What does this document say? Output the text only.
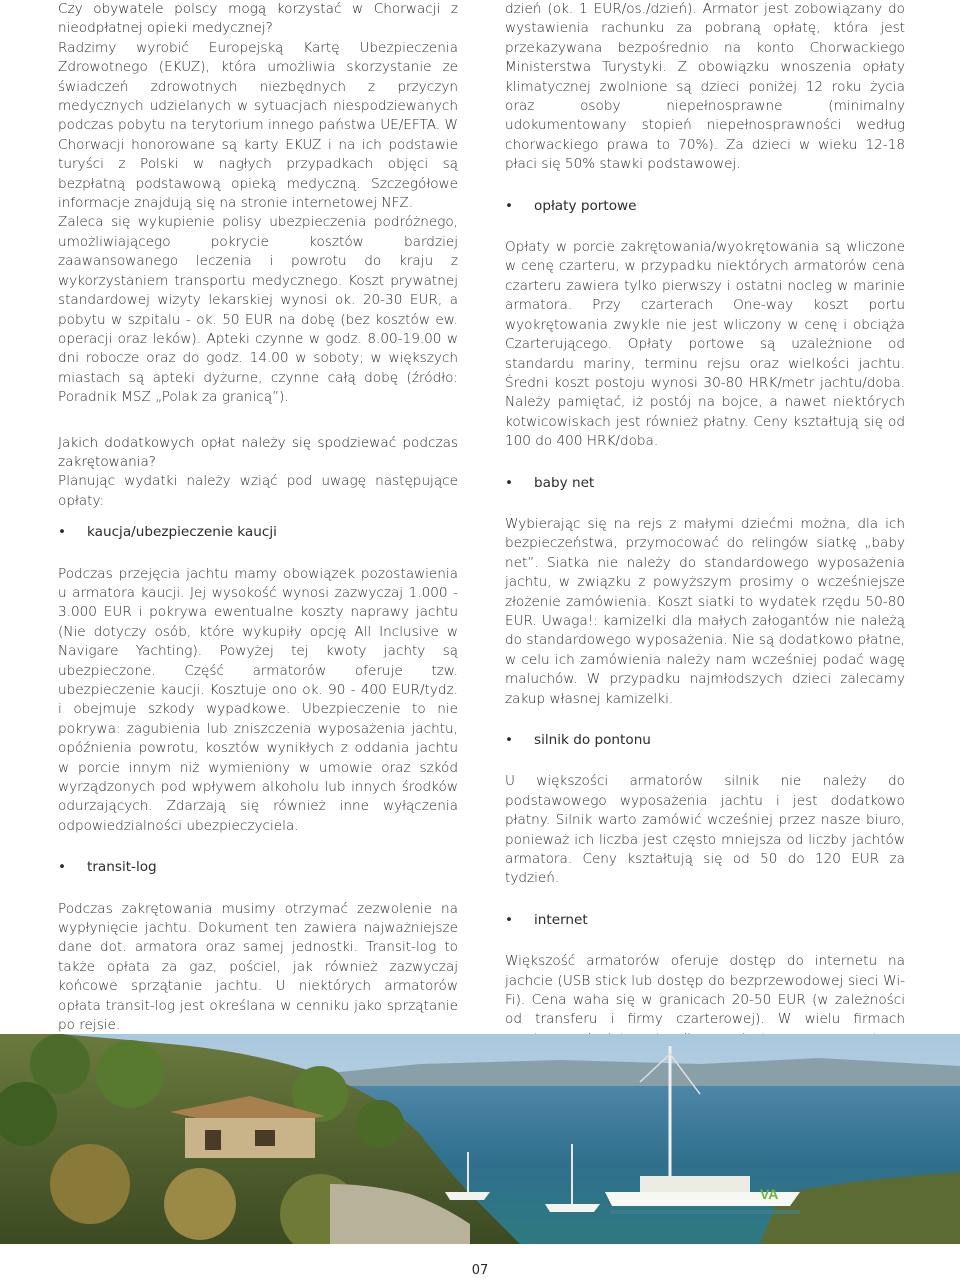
Czy obywatele polscy mogą korzystać w Chorwacji z nieodpłatnej opieki medycznej?

Radzimy wyrobić Europejską Kartę Ubezpieczenia Zdrowotnego (EKUZ), która umożliwia skorzystanie ze świadczeń zdrowotnych niezbędnych z przyczyn medycznych udzielanych w sytuacjach niespodziewanych podczas pobytu na terytorium innego państwa UE/EFTA. W Chorwacji honorowane są karty EKUZ i na ich podstawie turyści z Polski w nagłych przypadkach objęci są bezpłatną podstawową opieką medyczną. Szczegółowe informacje znajdują się na stronie internetowej NFZ.

Zaleca się wykupienie polisy ubezpieczenia podróżnego, umożliwiającego pokrycie kosztów bardziej zaawansowanego leczenia i powrotu do kraju z wykorzystaniem transportu medycznego. Koszt prywatnej standardowej wizyty lekarskiej wynosi ok. 20-30 EUR, a pobytu w szpitalu - ok. 50 EUR na dobę (bez kosztów ew. operacji oraz leków). Apteki czynne w godz. 8.00-19.00 w dni robocze oraz do godz. 14.00 w soboty; w większych miastach są apteki dyżurne, czynne całą dobę (źródło: Poradnik MSZ „Polak za granicą”).

Jakich dodatkowych opłat należy się spodziewać podczas zakrętowania?

Planując wydatki należy wziąć pod uwagę następujące opłaty:

•	kaucja/ubezpieczenie kaucji

Podczas przejęcia jachtu mamy obowiązek pozostawienia u armatora kaucji. Jej wysokość wynosi zazwyczaj 1.000 - 3.000 EUR i pokrywa ewentualne koszty naprawy jachtu (Nie dotyczy osób, które wykupiły opcję All Inclusive w Navigare Yachting). Powyżej tej kwoty jachty są ubezpieczone. Część armatorów oferuje tzw. ubezpieczenie kaucji. Kosztuje ono ok. 90 - 400 EUR/tydz. i obejmuje szkody wypadkowe. Ubezpieczenie to nie pokrywa: zagubienia lub zniszczenia wyposażenia jachtu, opóźnienia powrotu, kosztów wynikłych z oddania jachtu w porcie innym niż wymieniony w umowie oraz szkód wyrządzonych pod wpływem alkoholu lub innych środków odurzających. Zdarzają się również inne wyłączenia odpowiedzialności ubezpieczyciela.

•	transit-log

Podczas zakrętowania musimy otrzymać zezwolenie na wypłynięcie jachtu. Dokument ten zawiera najważniejsze dane dot. armatora oraz samej jednostki. Transit-log to także opłata za gaz, pościel, jak również zazwyczaj końcowe sprzątanie jachtu. U niektórych armatorów opłata transit-log jest określana w cenniku jako sprzątanie po rejsie.

dzień (ok. 1 EUR/os./dzień). Armator jest zobowiązany do wystawienia rachunku za pobraną opłatę, która jest przekazywana bezpośrednio na konto Chorwackiego Ministerstwa Turystyki. Z obowiązku wnoszenia opłaty klimatycznej zwolnione są dzieci poniżej 12 roku życia oraz osoby niepełnosprawne (minimalny udokumentowany stopień niepełnosprawności według chorwackiego prawa to 70%). Za dzieci w wieku 12-18 płaci się 50% stawki podstawowej.

•	opłaty portowe

Opłaty w porcie zakrętowania/wyokrętowania są wliczone w cenę czarteru, w przypadku niektórych armatorów cena czarteru zawiera tylko pierwszy i ostatni nocleg w marinie armatora. Przy czarterach One-way koszt portu wyokrętowania zwykle nie jest wliczony w cenę i obciąża Czarterującego. Opłaty portowe są uzależnione od standardu mariny, terminu rejsu oraz wielkości jachtu. Średni koszt postoju wynosi 30-80 HRK/metr jachtu/doba. Należy pamiętać, iż postój na bojce, a nawet niektórych kotwicowiskach jest również płatny. Ceny kształtują się od 100 do 400 HRK/doba.

•	baby net

Wybierając się na rejs z małymi dziećmi można, dla ich bezpieczeństwa, przymocować do relingów siatkę „baby net”. Siatka nie należy do standardowego wyposażenia jachtu, w związku z powyższym prosimy o wcześniejsze złożenie zamówienia. Koszt siatki to wydatek rzędu 50-80 EUR. Uwaga!: kamizelki dla małych załogantów nie należą do standardowego wyposażenia. Nie są dodatkowo płatne, w celu ich zamówienia należy nam wcześniej podać wagę maluchów. W przypadku najmłodszych dzieci zalecamy zakup własnej kamizelki.

•	silnik do pontonu

U większości armatorów silnik nie należy do podstawowego wyposażenia jachtu i jest dodatkowo płatny. Silnik warto zamówić wcześniej przez nasze biuro, ponieważ ich liczba jest często mniejsza od liczby jachtów armatora. Ceny kształtują się od 50 do 120 EUR za tydzień.

•	internet

Większość armatorów oferuje dostęp do internetu na jachcie (USB stick lub dostęp do bezprzewodowej sieci Wi-Fi). Cena waha się w granicach 20-50 EUR (w zależności od transferu i firmy czarterowej). W wielu firmach

VA
07
